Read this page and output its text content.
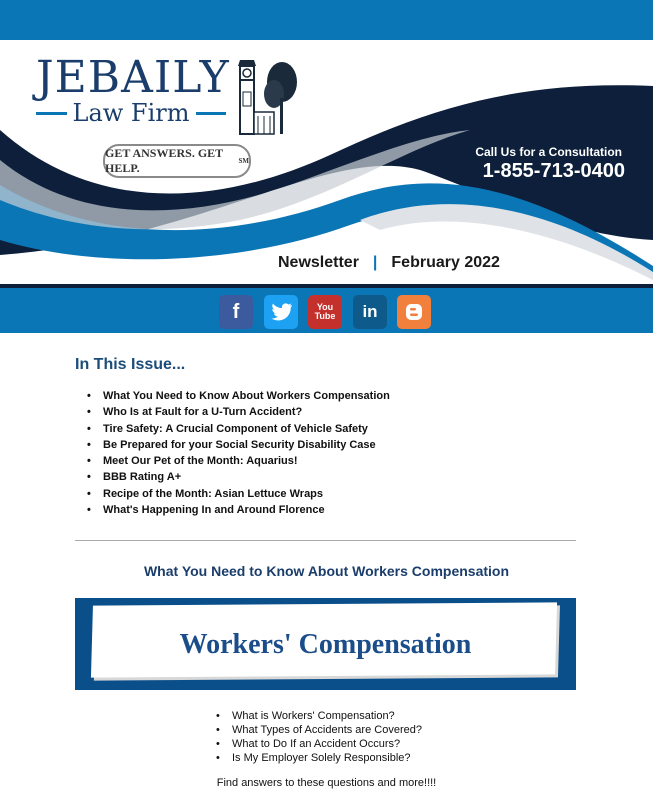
JEBAILY
Law Firm
GET ANSWERS. GET HELP.	SM
Call Us for a Consultation
1-855-713-0400
Newsletter | February 2022
f	You
Tube	in
In This Issue...
• What You Need to Know About Workers Compensation
• Who Is at Fault for a U-Turn Accident?
• Tire Safety: A Crucial Component of Vehicle Safety
• Be Prepared for your Social Security Disability Case
• Meet Our Pet of the Month: Aquarius!
• BBB Rating A+
• Recipe of the Month: Asian Lettuce Wraps
• What's Happening In and Around Florence
What You Need to Know About Workers Compensation
Workers' Compensation
• What is Workers' Compensation?
• What Types of Accidents are Covered?
• What to Do If an Accident Occurs?
• Is My Employer Solely Responsible?
Find answers to these questions and more!!!!
